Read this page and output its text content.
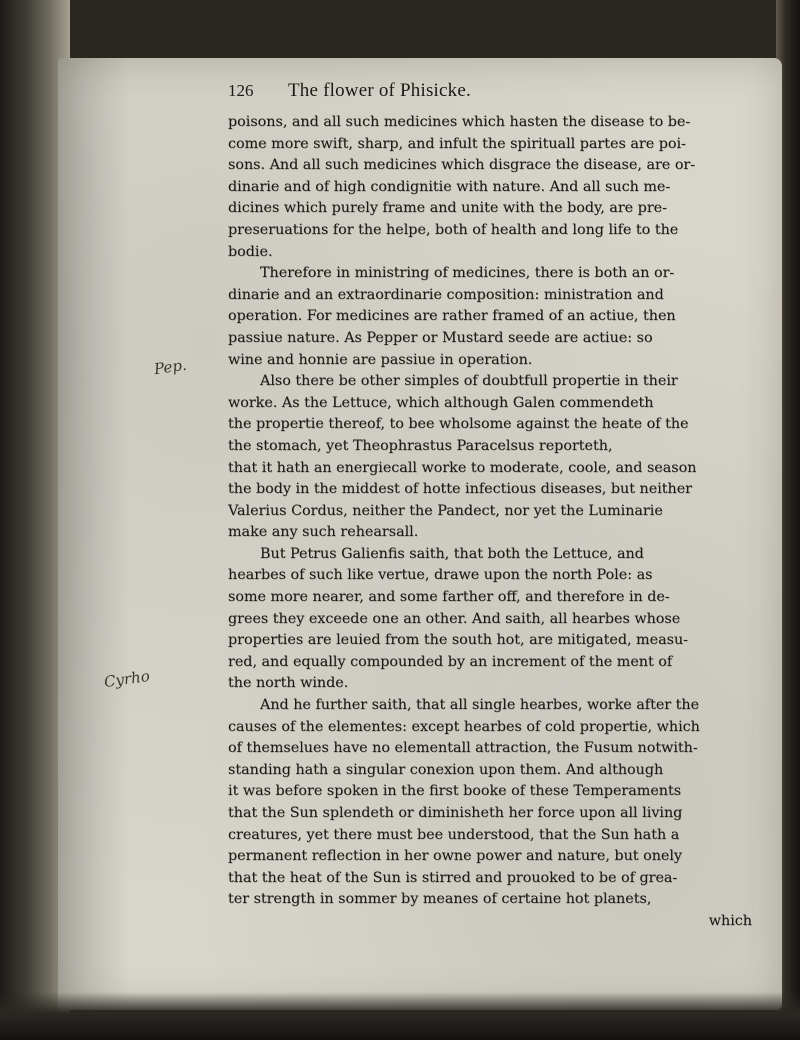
Pep.
Cyrho
126	The flower of Phisicke.
poisons, and all such medicines which hasten the disease to be-
come more swift, sharp, and infult the spirituall partes are poi-
sons. And all such medicines which disgrace the disease, are or-
dinarie and of high condignitie with nature. And all such me-
dicines which purely frame and unite with the body, are pre-
preseruations for the helpe, both of health and long life to the
bodie.
Therefore in ministring of medicines, there is both an or-
dinarie and an extraordinarie composition: ministration and
operation. For medicines are rather framed of an actiue, then
passiue nature. As Pepper or Mustard seede are actiue: so
wine and honnie are passiue in operation.
Also there be other simples of doubtfull propertie in their
worke. As the Lettuce, which although Galen commendeth
the propertie thereof, to bee wholsome against the heate of the
the stomach, yet Theophrastus Paracelsus reporteth,
that it hath an energiecall worke to moderate, coole, and season
the body in the middest of hotte infectious diseases, but neither
Valerius Cordus, neither the Pandect, nor yet the Luminarie
make any such rehearsall.
But Petrus Galienfis saith, that both the Lettuce, and
hearbes of such like vertue, drawe upon the north Pole: as
some more nearer, and some farther off, and therefore in de-
grees they exceede one an other. And saith, all hearbes whose
properties are leuied from the south hot, are mitigated, measu-
red, and equally compounded by an increment of the ment of
the north winde.
And he further saith, that all single hearbes, worke after the
causes of the elementes: except hearbes of cold propertie, which
of themselues have no elementall attraction, the Fusum notwith-
standing hath a singular conexion upon them. And although
it was before spoken in the first booke of these Temperaments
that the Sun splendeth or diminisheth her force upon all living
creatures, yet there must bee understood, that the Sun hath a
permanent reflection in her owne power and nature, but onely
that the heat of the Sun is stirred and prouoked to be of grea-
ter strength in sommer by meanes of certaine hot planets,
which
